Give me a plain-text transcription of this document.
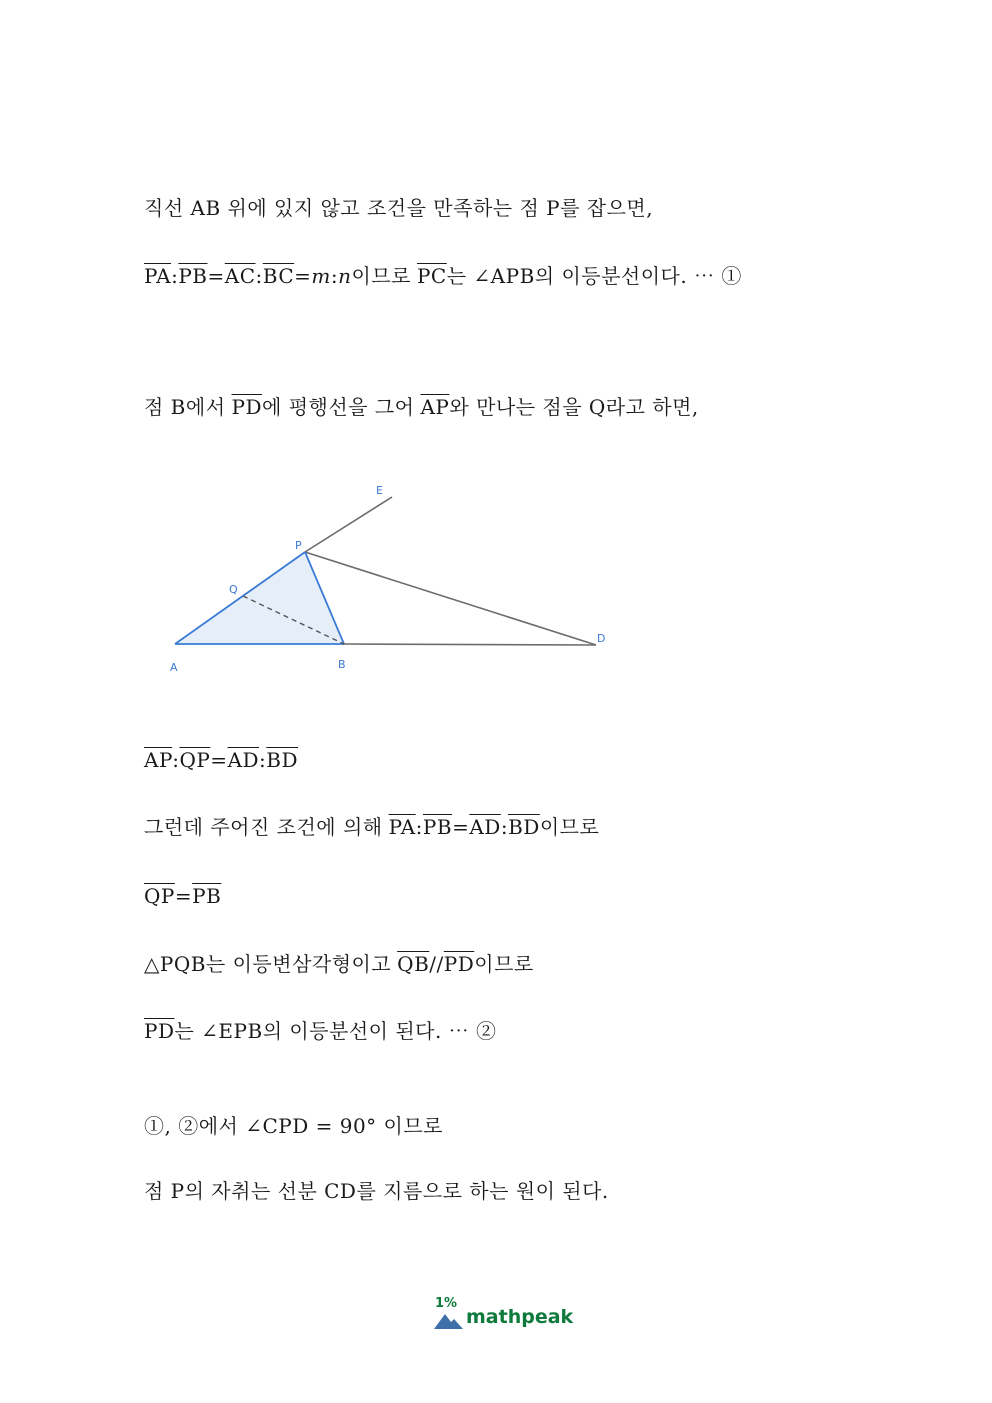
직선 AB 위에 있지 않고 조건을 만족하는 점 P를 잡으면,
$\overline{PA}:\overline{PB}=\overline{AC}:\overline{BC}=m:n$이므로 $\overline{PC}$는 ∠APB의 이등분선이다. ⋯ ①
점 B에서 $\overline{PD}$에 평행선을 그어 $\overline{AP}$와 만나는 점을 Q라고 하면,
A	B
D
P
Q
E
$\overline{AP}:\overline{QP}=\overline{AD}:\overline{BD}$
그런데 주어진 조건에 의해 $\overline{PA}:\overline{PB}=\overline{AD}:\overline{BD}$이므로
$\overline{QP}=\overline{PB}$
△PQB는 이등변삼각형이고 $\overline{QB}//\overline{PD}$이므로
$\overline{PD}$는 ∠EPB의 이등분선이 된다. ⋯ ②
①, ②에서 ∠CPD = 90° 이므로
점 P의 자취는 선분 CD를 지름으로 하는 원이 된다.
1%
mathpeak
